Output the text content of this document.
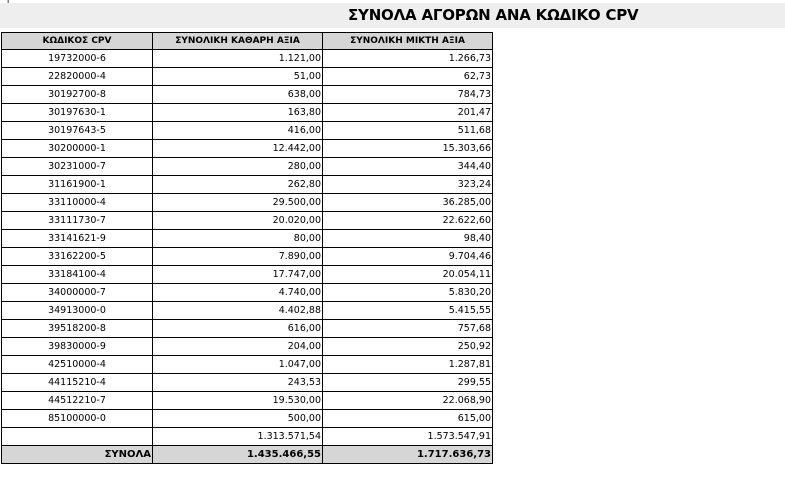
ΣΥΝΟΛΑ ΑΓΟΡΩΝ ΑΝΑ ΚΩΔΙΚΟ CPV
ΚΩΔΙΚΟΣ CPV	ΣΥΝΟΛΙΚΗ ΚΑΘΑΡΗ ΑΞΙΑ	ΣΥΝΟΛΙΚΗ ΜΙΚΤΗ ΑΞΙΑ
19732000-6	1.121,00	1.266,73
22820000-4	51,00	62,73
30192700-8	638,00	784,73
30197630-1	163,80	201,47
30197643-5	416,00	511,68
30200000-1	12.442,00	15.303,66
30231000-7	280,00	344,40
31161900-1	262,80	323,24
33110000-4	29.500,00	36.285,00
33111730-7	20.020,00	22.622,60
33141621-9	80,00	98,40
33162200-5	7.890,00	9.704,46
33184100-4	17.747,00	20.054,11
34000000-7	4.740,00	5.830,20
34913000-0	4.402,88	5.415,55
39518200-8	616,00	757,68
39830000-9	204,00	250,92
42510000-4	1.047,00	1.287,81
44115210-4	243,53	299,55
44512210-7	19.530,00	22.068,90
85100000-0	500,00	615,00
	1.313.571,54	1.573.547,91
ΣΥΝΟΛΑ	1.435.466,55	1.717.636,73
